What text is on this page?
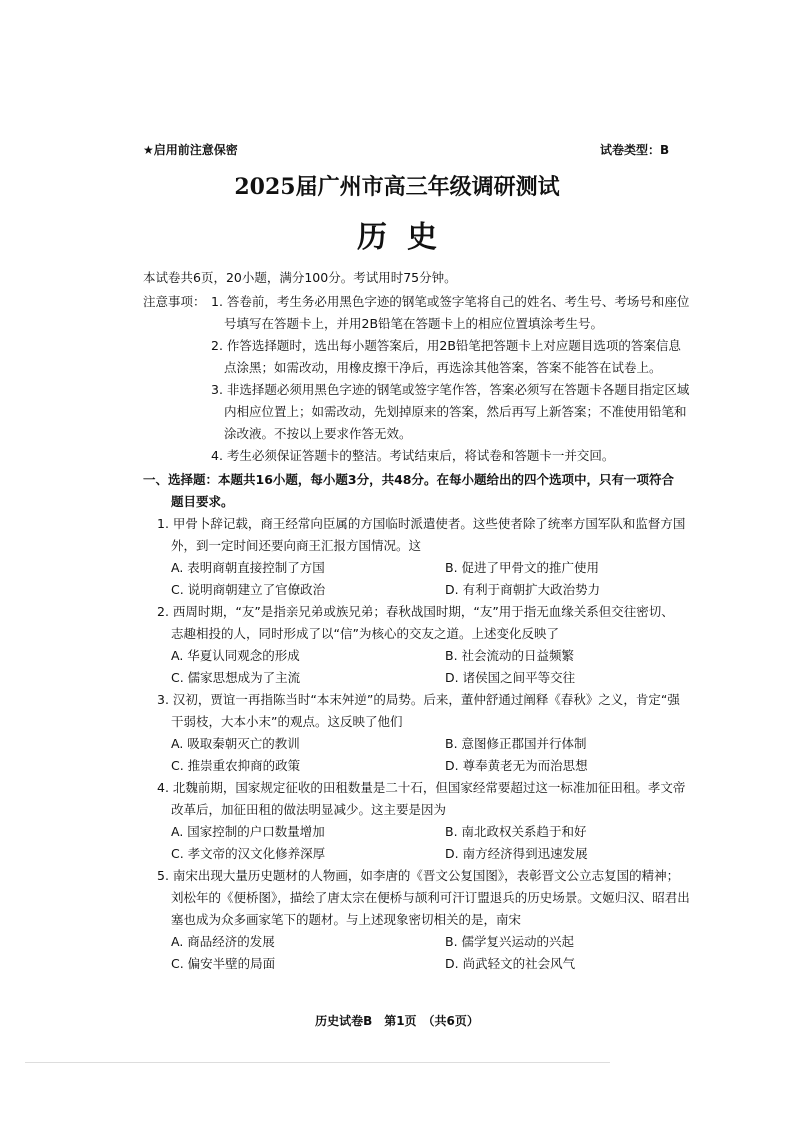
★启用前注意保密	试卷类型：B
2025届广州市高三年级调研测试
历史
本试卷共6页，20小题，满分100分。考试用时75分钟。
注意事项： 1. 答卷前，考生务必用黑色字迹的钢笔或签字笔将自己的姓名、考生号、考场号和座位
号填写在答题卡上，并用2B铅笔在答题卡上的相应位置填涂考生号。
2. 作答选择题时，选出每小题答案后，用2B铅笔把答题卡上对应题目选项的答案信息
点涂黑；如需改动，用橡皮擦干净后，再选涂其他答案，答案不能答在试卷上。
3. 非选择题必须用黑色字迹的钢笔或签字笔作答，答案必须写在答题卡各题目指定区域
内相应位置上；如需改动，先划掉原来的答案，然后再写上新答案；不准使用铅笔和
涂改液。不按以上要求作答无效。
4. 考生必须保证答题卡的整洁。考试结束后，将试卷和答题卡一并交回。
一、选择题：本题共16小题，每小题3分，共48分。在每小题给出的四个选项中，只有一项符合
题目要求。
1. 甲骨卜辞记载，商王经常向臣属的方国临时派遣使者。这些使者除了统率方国军队和监督方国
外，到一定时间还要向商王汇报方国情况。这
A. 表明商朝直接控制了方国	B. 促进了甲骨文的推广使用
C. 说明商朝建立了官僚政治	D. 有利于商朝扩大政治势力
2. 西周时期，“友”是指亲兄弟或族兄弟；春秋战国时期，“友”用于指无血缘关系但交往密切、
志趣相投的人，同时形成了以“信”为核心的交友之道。上述变化反映了
A. 华夏认同观念的形成	B. 社会流动的日益频繁
C. 儒家思想成为了主流	D. 诸侯国之间平等交往
3. 汉初，贾谊一再指陈当时“本末舛逆”的局势。后来，董仲舒通过阐释《春秋》之义，肯定“强
干弱枝，大本小末”的观点。这反映了他们
A. 吸取秦朝灭亡的教训	B. 意图修正郡国并行体制
C. 推崇重农抑商的政策	D. 尊奉黄老无为而治思想
4. 北魏前期，国家规定征收的田租数量是二十石，但国家经常要超过这一标准加征田租。孝文帝
改革后，加征田租的做法明显减少。这主要是因为
A. 国家控制的户口数量增加	B. 南北政权关系趋于和好
C. 孝文帝的汉文化修养深厚	D. 南方经济得到迅速发展
5. 南宋出现大量历史题材的人物画，如李唐的《晋文公复国图》，表彰晋文公立志复国的精神；
刘松年的《便桥图》，描绘了唐太宗在便桥与颉利可汗订盟退兵的历史场景。文姬归汉、昭君出
塞也成为众多画家笔下的题材。与上述现象密切相关的是，南宋
A. 商品经济的发展	B. 儒学复兴运动的兴起
C. 偏安半壁的局面	D. 尚武轻文的社会风气
历史试卷B　第1页　（共6页）
